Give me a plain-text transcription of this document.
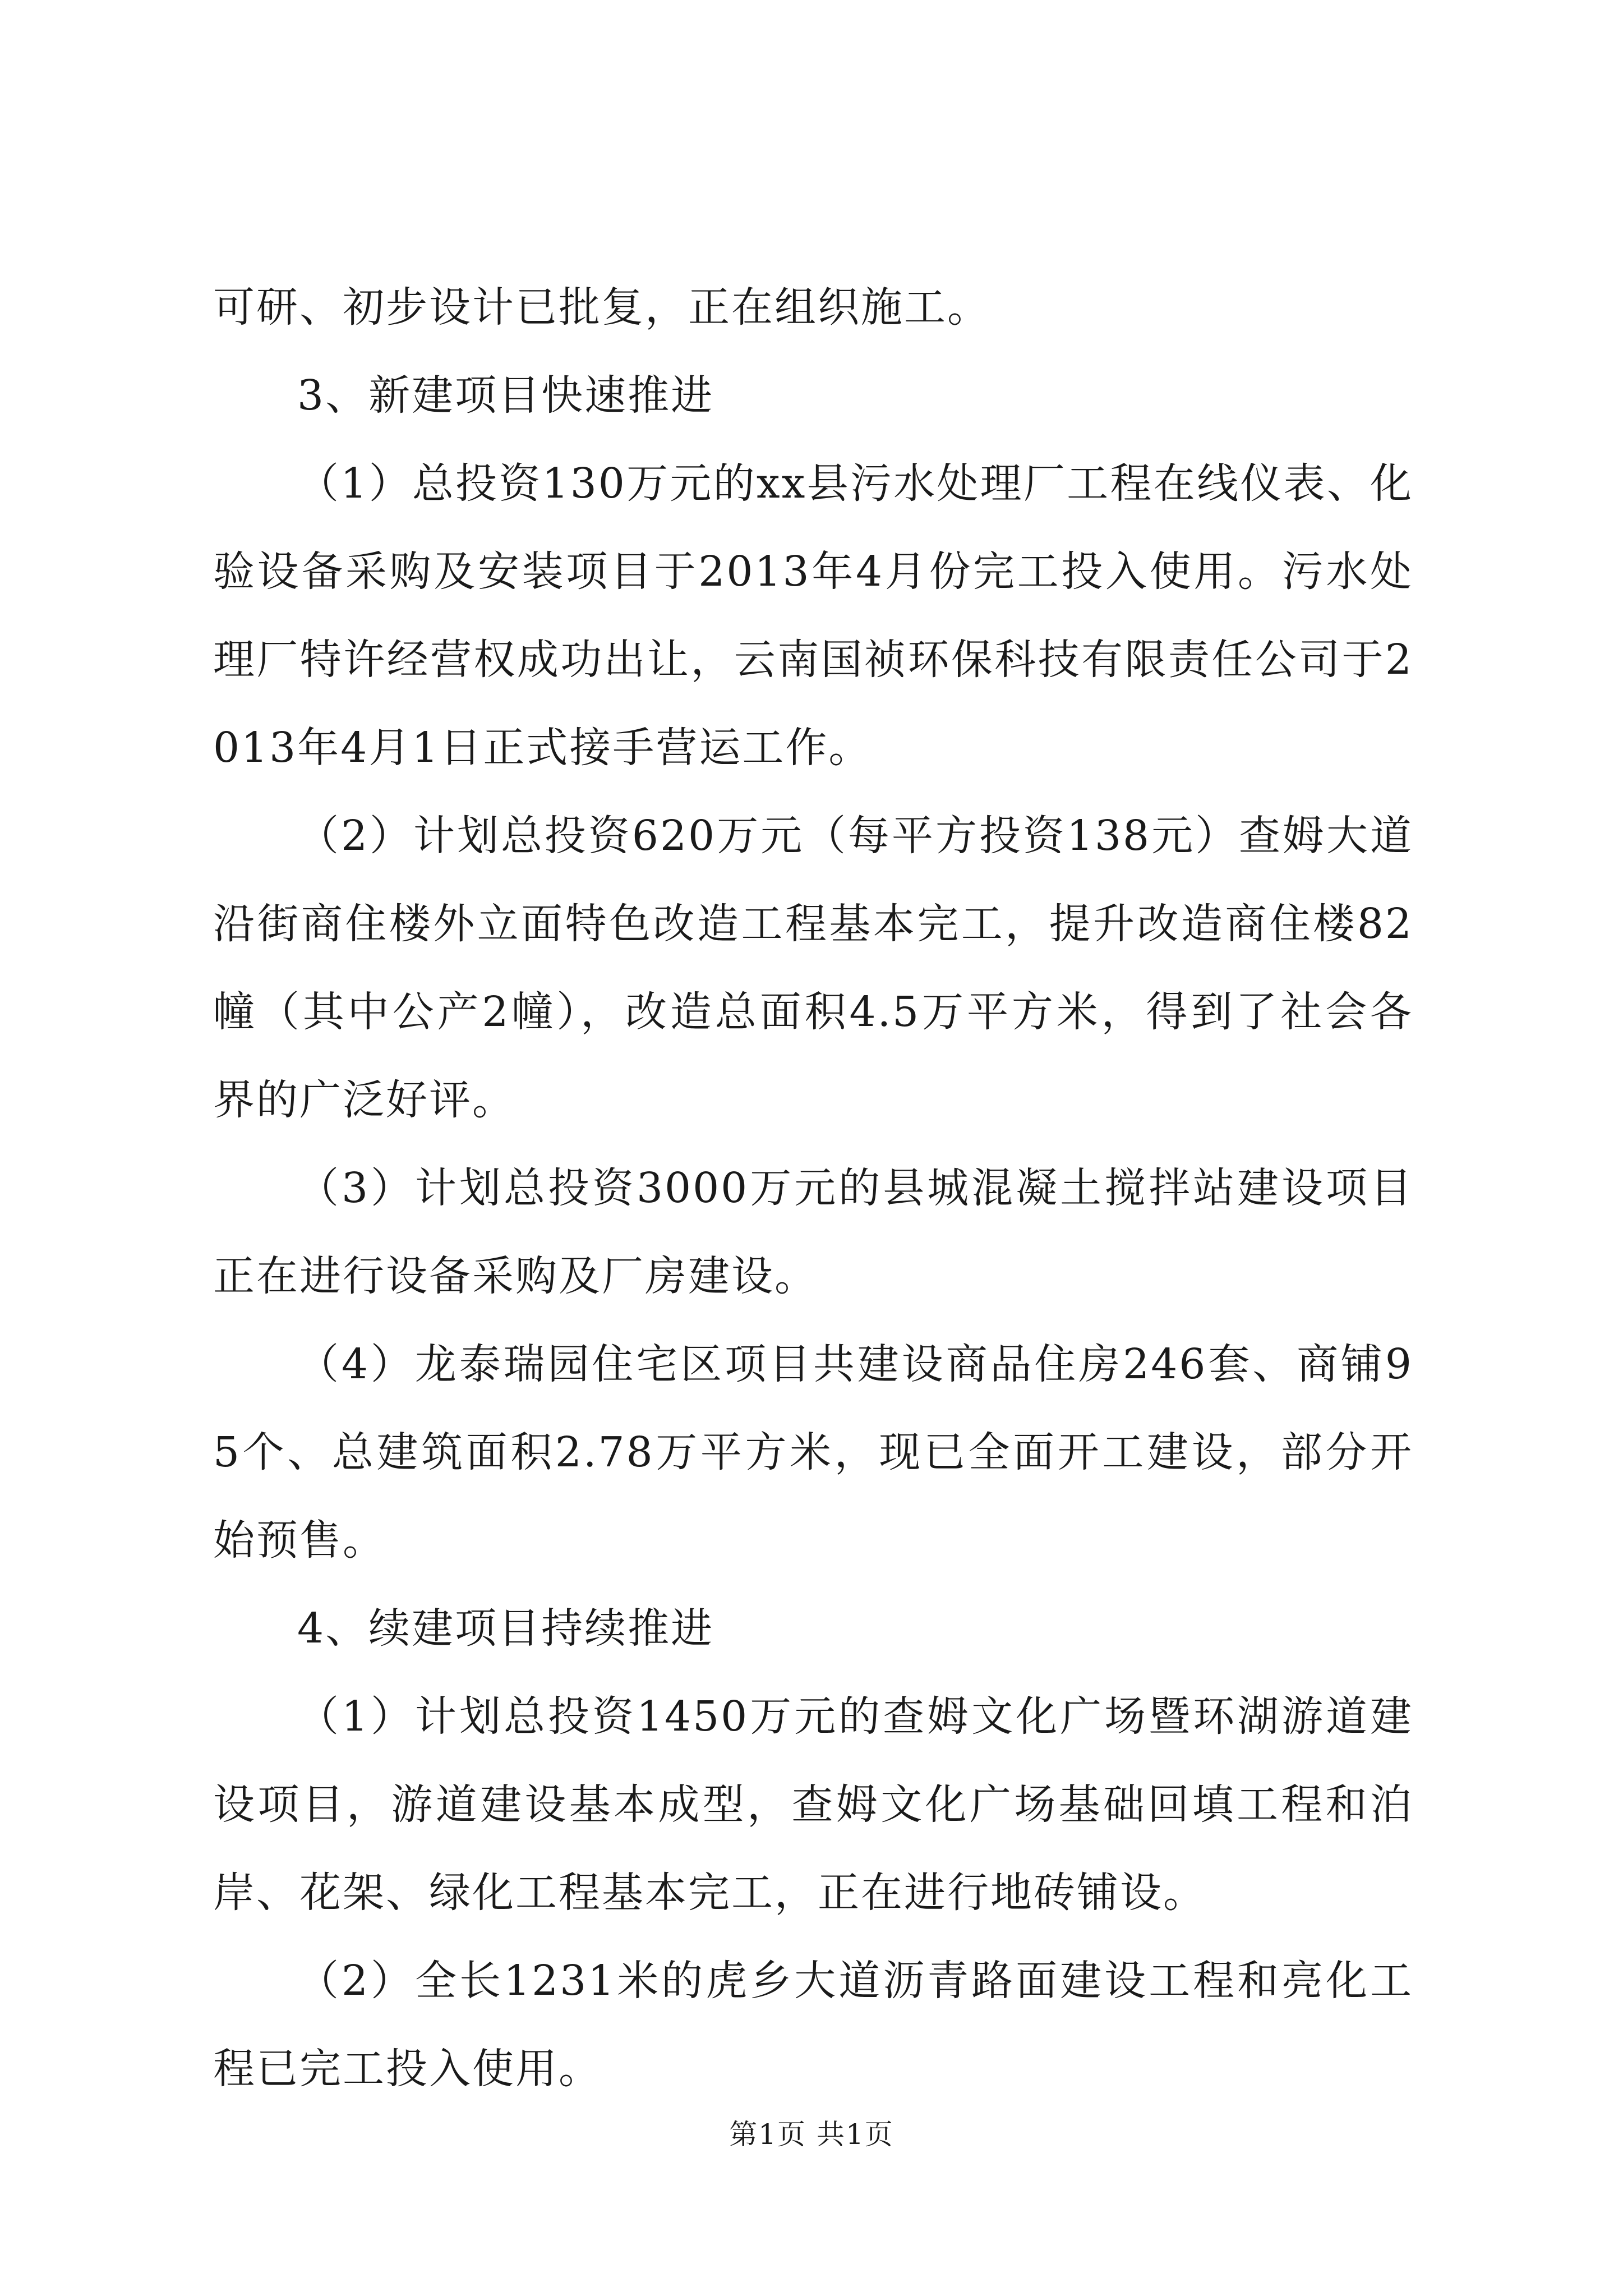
可研、初步设计已批复，正在组织施工。

3、新建项目快速推进

（1）总投资130万元的xx县污水处理厂工程在线仪表、化验设备采购及安装项目于2013年4月份完工投入使用。污水处理厂特许经营权成功出让，云南国祯环保科技有限责任公司于2013年4月1日正式接手营运工作。

（2）计划总投资620万元（每平方投资138元）查姆大道沿街商住楼外立面特色改造工程基本完工，提升改造商住楼82幢（其中公产2幢），改造总面积4.5万平方米，得到了社会各界的广泛好评。

（3）计划总投资3000万元的县城混凝土搅拌站建设项目正在进行设备采购及厂房建设。

（4）龙泰瑞园住宅区项目共建设商品住房246套、商铺95个、总建筑面积2.78万平方米，现已全面开工建设，部分开始预售。

4、续建项目持续推进

（1）计划总投资1450万元的查姆文化广场暨环湖游道建设项目，游道建设基本成型，查姆文化广场基础回填工程和泊岸、花架、绿化工程基本完工，正在进行地砖铺设。

（2）全长1231米的虎乡大道沥青路面建设工程和亮化工程已完工投入使用。

第1页 共1页
